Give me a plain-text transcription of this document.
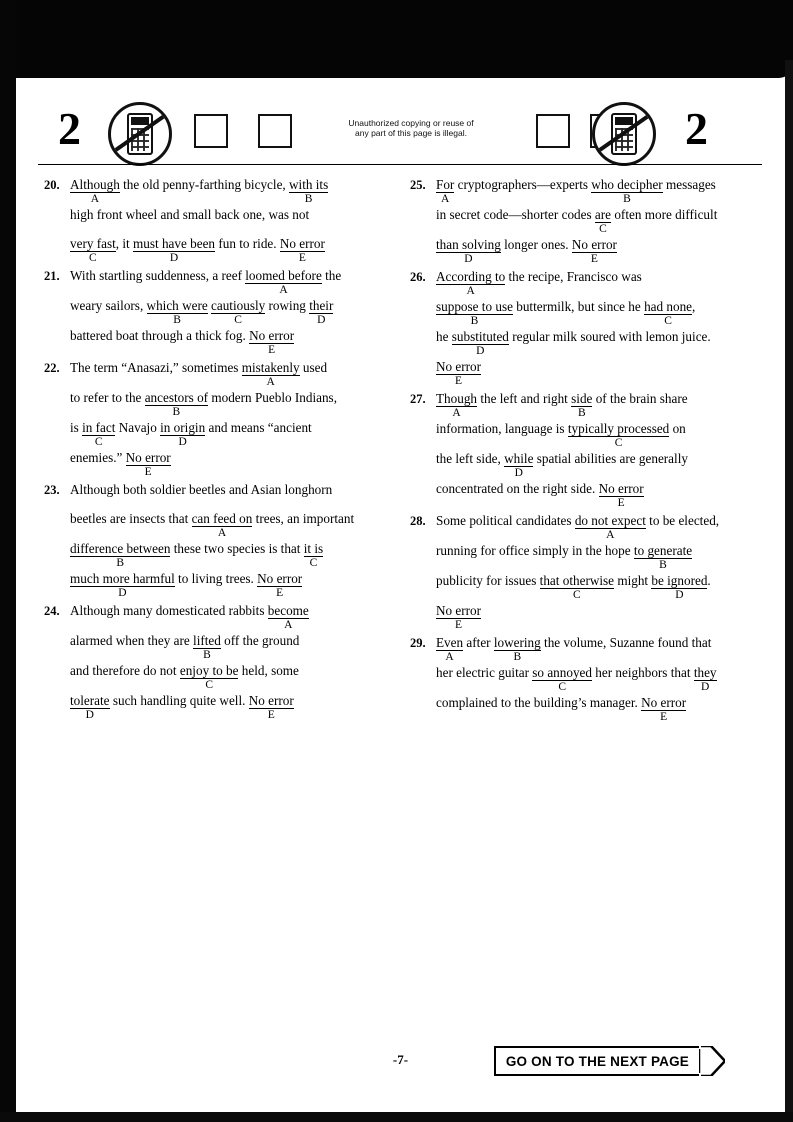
2	Unauthorized copying or reuse of
any part of this page is illegal.	2
20. Although
A
the old penny-farthing bicycle, with its
B
high front wheel and small back one, was not
very fast
C
, it must have been
D
fun to ride. No error
E
21. With startling suddenness, a reef loomed before
A
the
weary sailors, which were
B
cautiously
C
rowing their
D
battered boat through a thick fog. No error
E
22. The term “Anasazi,” sometimes mistakenly
A
used
to refer to the ancestors of
B
modern Pueblo Indians,
is in fact
C
Navajo in origin
D
and means “ancient
enemies.” No error
E
23. Although both soldier beetles and Asian longhorn
beetles are insects that can feed on
A
trees, an important
difference between
B
these two species is that $\frac{\text{it is}}{C}$
much more harmful
D
to living trees. No error
E
24. Although many domesticated rabbits become
A
alarmed when they are lifted
B
off the ground
and therefore do not enjoy to be
C
held, some
tolerate
D
such handling quite well. No error
E
25. For
A
cryptographers—experts who decipher
B
messages
in secret code—shorter codes are
C
often more difficult
than solving
D
longer ones. No error
E
26. According to
A
the recipe, Francisco was
suppose to use
B
buttermilk, but since he had none
C
,
he substituted
D
regular milk soured with lemon juice.
No error
E
27. Though
A
the left and right side
B
of the brain share
information, language is typically processed
C
on
the left side, while
D
spatial abilities are generally
concentrated on the right side. No error
E
28. Some political candidates do not expect
A
to be elected,
running for office simply in the hope to generate
B
publicity for issues that otherwise
C
might be ignored
D
.
No error
E
29. Even
A
after lowering
B
the volume, Suzanne found that
her electric guitar so annoyed
C
her neighbors that they
D
complained to the building’s manager. No error
E
-7-	GO ON TO THE NEXT PAGE
